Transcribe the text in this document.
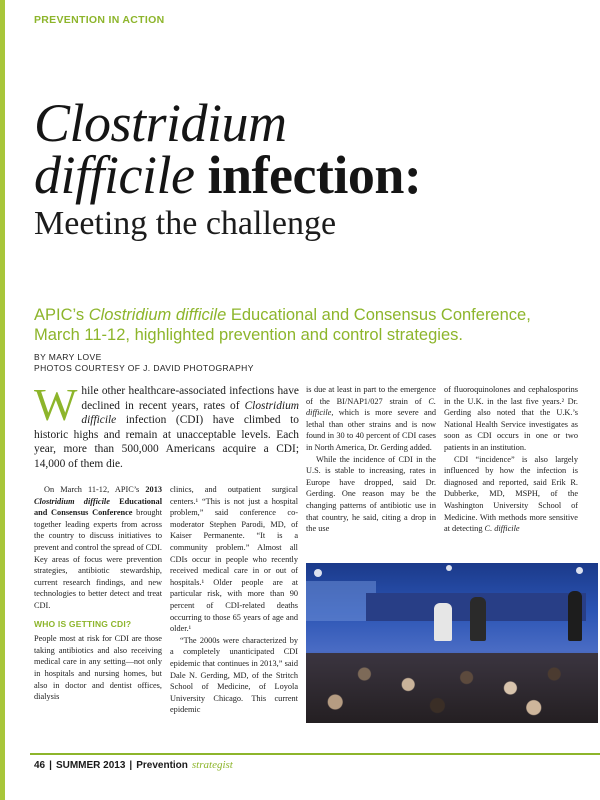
PREVENTION IN ACTION
Clostridium
difficile infection:
Meeting the challenge
APIC’s Clostridium difficile Educational and Consensus Conference, March 11-12, highlighted prevention and control strategies.
BY MARY LOVE
PHOTOS COURTESY OF J. DAVID PHOTOGRAPHY
While other healthcare-associated infections have declined in recent years, rates of Clostridium difficile infection (CDI) have climbed to historic highs and remain at unacceptable levels. Each year, more than 500,000 Americans acquire a CDI; 14,000 of them die.

On March 11-12, APIC’s 2013 Clostridium difficile Educational and Consensus Conference brought together leading experts from across the country to discuss initiatives to prevent and control the spread of CDI. Key areas of focus were prevention strategies, antibiotic stewardship, current research findings, and new technologies to better detect and treat CDI.

WHO IS GETTING CDI?

People most at risk for CDI are those taking antibiotics and also receiving medical care in any setting—not only in hospitals and nursing homes, but also in doctor and dentist offices, dialysis

clinics, and outpatient surgical centers.¹ “This is not just a hospital problem,” said conference co-moderator Stephen Parodi, MD, of Kaiser Permanente. “It is a community problem.” Almost all CDIs occur in people who recently received medical care in or out of hospitals.¹ Older people are at particular risk, with more than 90 percent of CDI-related deaths occurring to those 65 years of age and older.¹

“The 2000s were characterized by a completely unanticipated CDI epidemic that continues in 2013,” said Dale N. Gerding, MD, of the Stritch School of Medicine, of Loyola University Chicago. This current epidemic

is due at least in part to the emergence of the BI/NAP1/027 strain of C. difficile, which is more severe and lethal than other strains and is now found in 30 to 40 percent of CDI cases in North America, Dr. Gerding added.

While the incidence of CDI in the U.S. is stable to increasing, rates in Europe have dropped, said Dr. Gerding. One reason may be the changing patterns of antibiotic use in that country, he said, citing a drop in the use

of fluoroquinolones and cephalosporins in the U.K. in the last five years.² Dr. Gerding also noted that the U.K.’s National Health Service investigates as soon as CDI occurs in one or two patients in an institution.

CDI “incidence” is also largely influenced by how the infection is diagnosed and reported, said Erik R. Dubberke, MD, MSPH, of the Washington University School of Medicine. With methods more sensitive at detecting C. difficile

46 | SUMMER 2013 | Prevention strategist
